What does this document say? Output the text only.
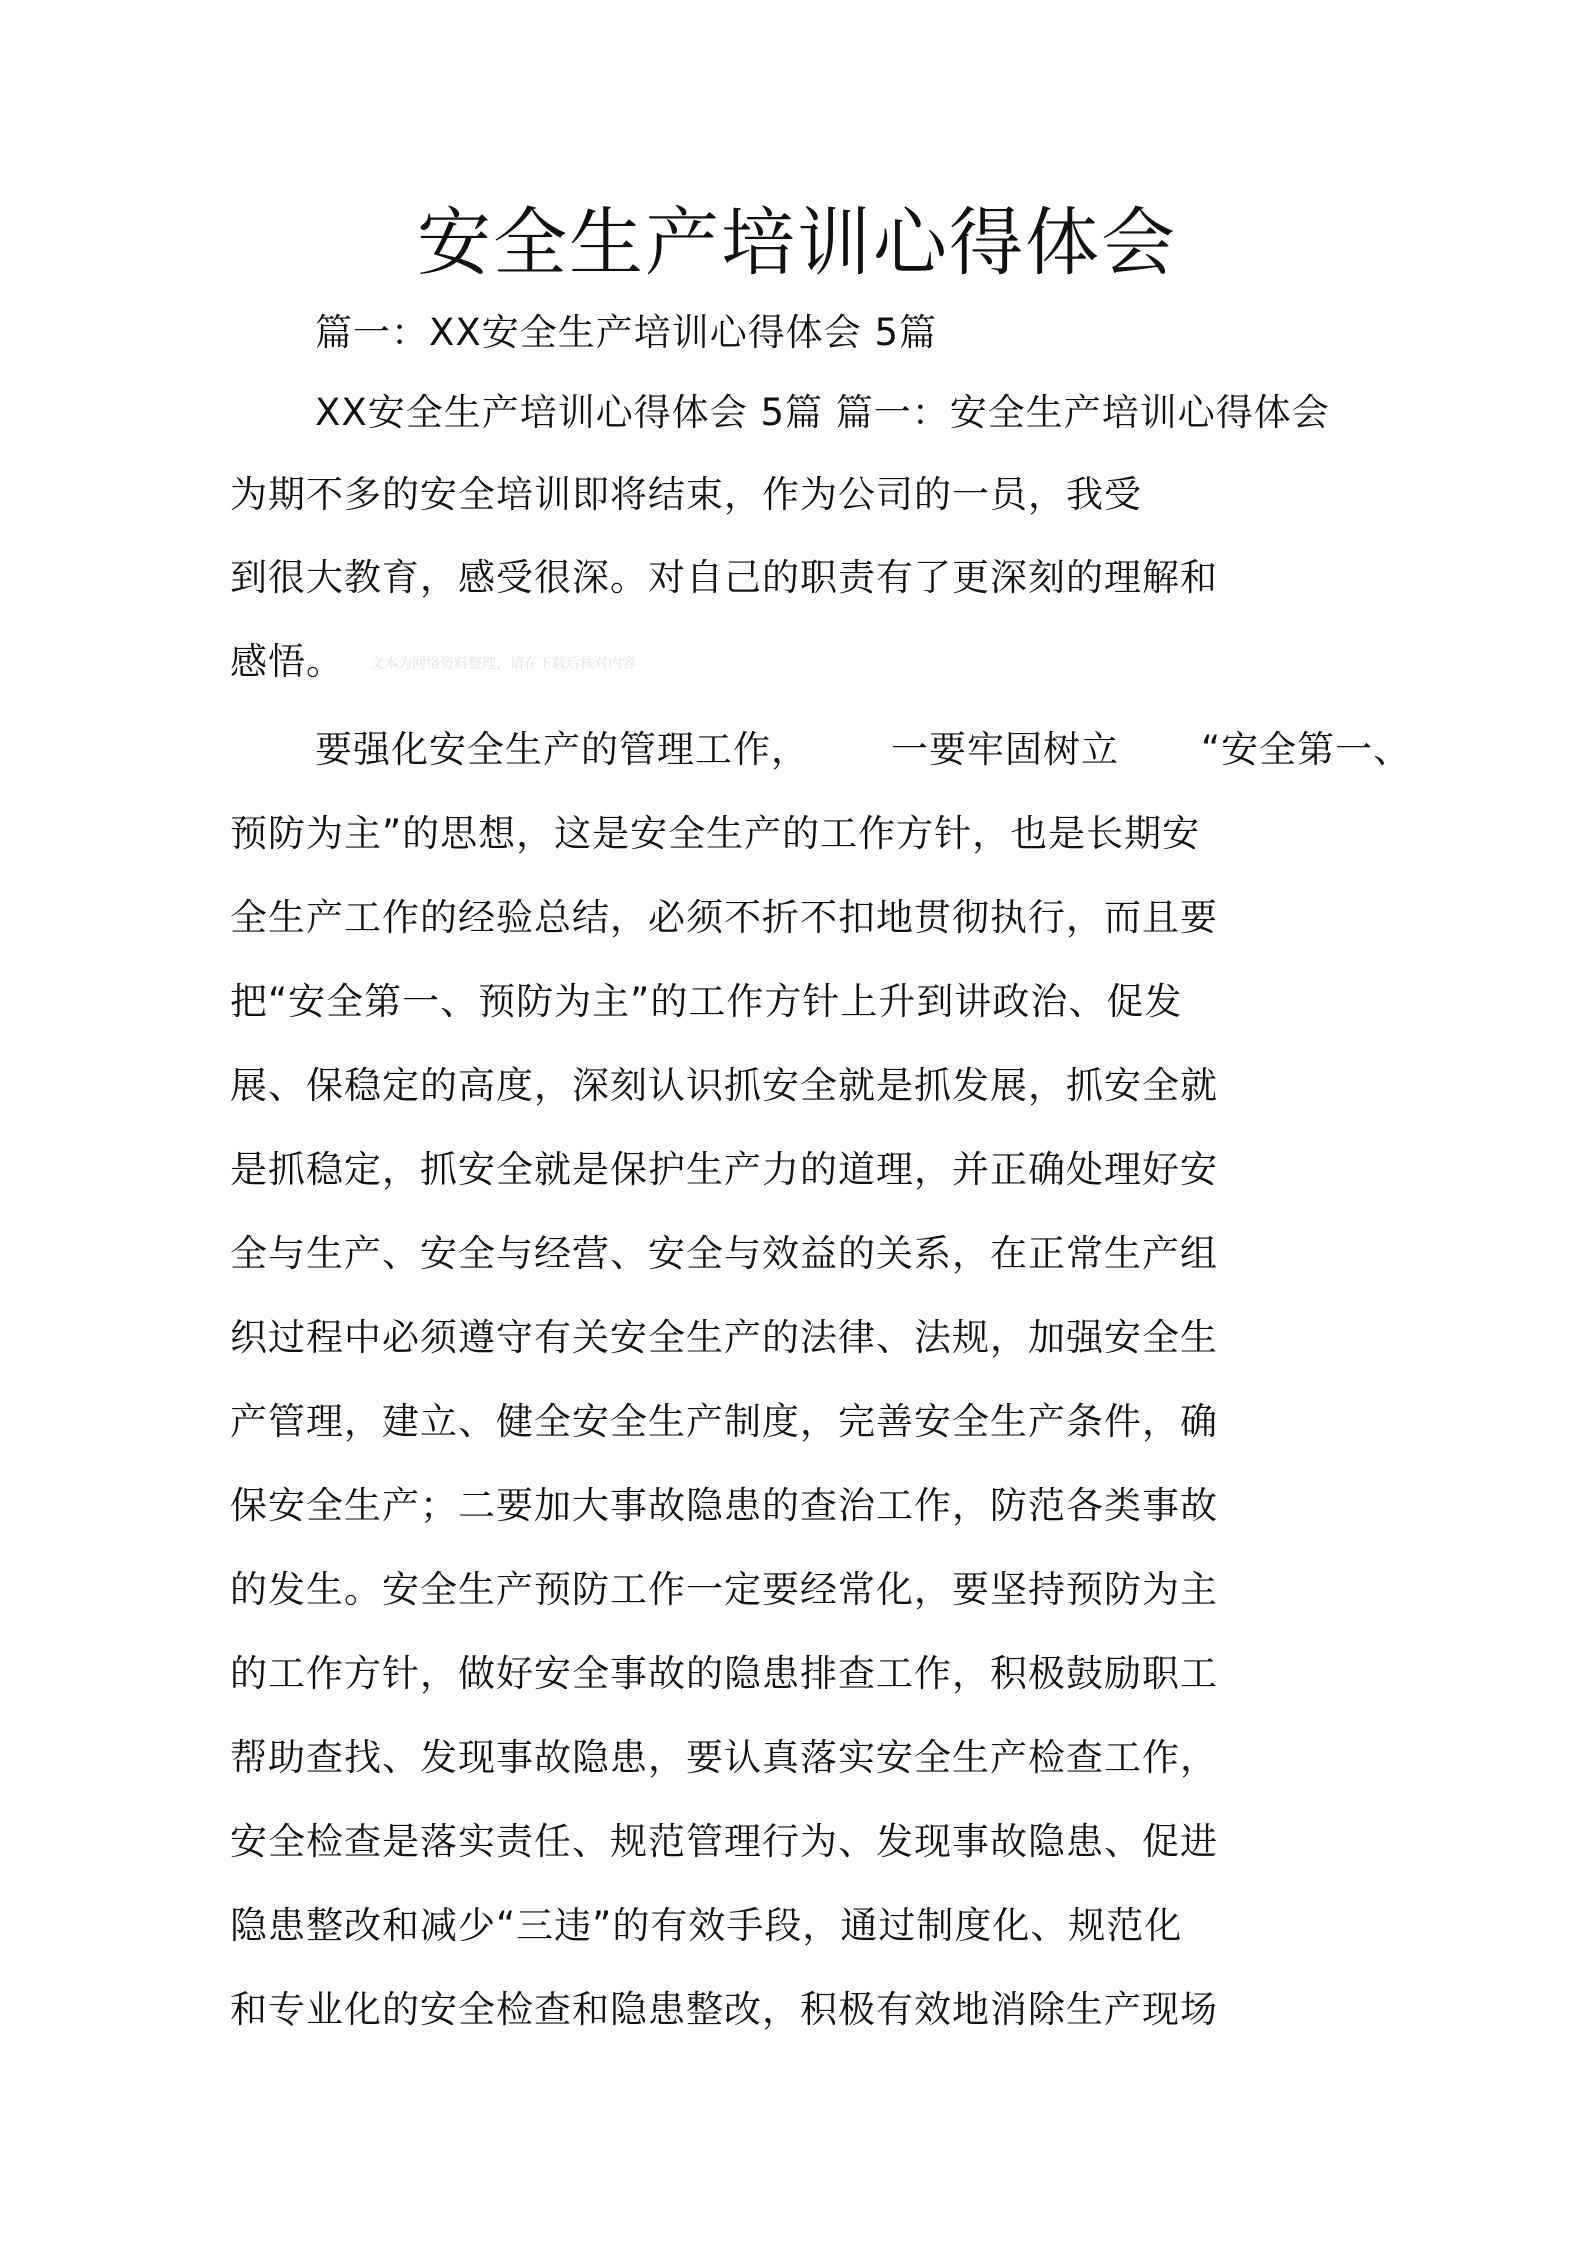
安全生产培训心得体会
篇一：XX安全生产培训心得体会 5篇
XX安全生产培训心得体会 5篇 篇一：安全生产培训心得体会
为期不多的安全培训即将结束，作为公司的一员，我受
到很大教育，感受很深。对自己的职责有了更深刻的理解和
感悟。 文本为网络资料整理，请在下载后核对内容
要强化安全生产的管理工作， 一要牢固树立 “安全第一、
预防为主”的思想，这是安全生产的工作方针，也是长期安
全生产工作的经验总结，必须不折不扣地贯彻执行，而且要
把“安全第一、预防为主”的工作方针上升到讲政治、促发
展、保稳定的高度，深刻认识抓安全就是抓发展，抓安全就
是抓稳定，抓安全就是保护生产力的道理，并正确处理好安
全与生产、安全与经营、安全与效益的关系，在正常生产组
织过程中必须遵守有关安全生产的法律、法规，加强安全生
产管理，建立、健全安全生产制度，完善安全生产条件，确
保安全生产；二要加大事故隐患的查治工作，防范各类事故
的发生。安全生产预防工作一定要经常化，要坚持预防为主
的工作方针，做好安全事故的隐患排查工作，积极鼓励职工
帮助查找、发现事故隐患，要认真落实安全生产检查工作，
安全检查是落实责任、规范管理行为、发现事故隐患、促进
隐患整改和减少“三违”的有效手段，通过制度化、规范化
和专业化的安全检查和隐患整改，积极有效地消除生产现场
